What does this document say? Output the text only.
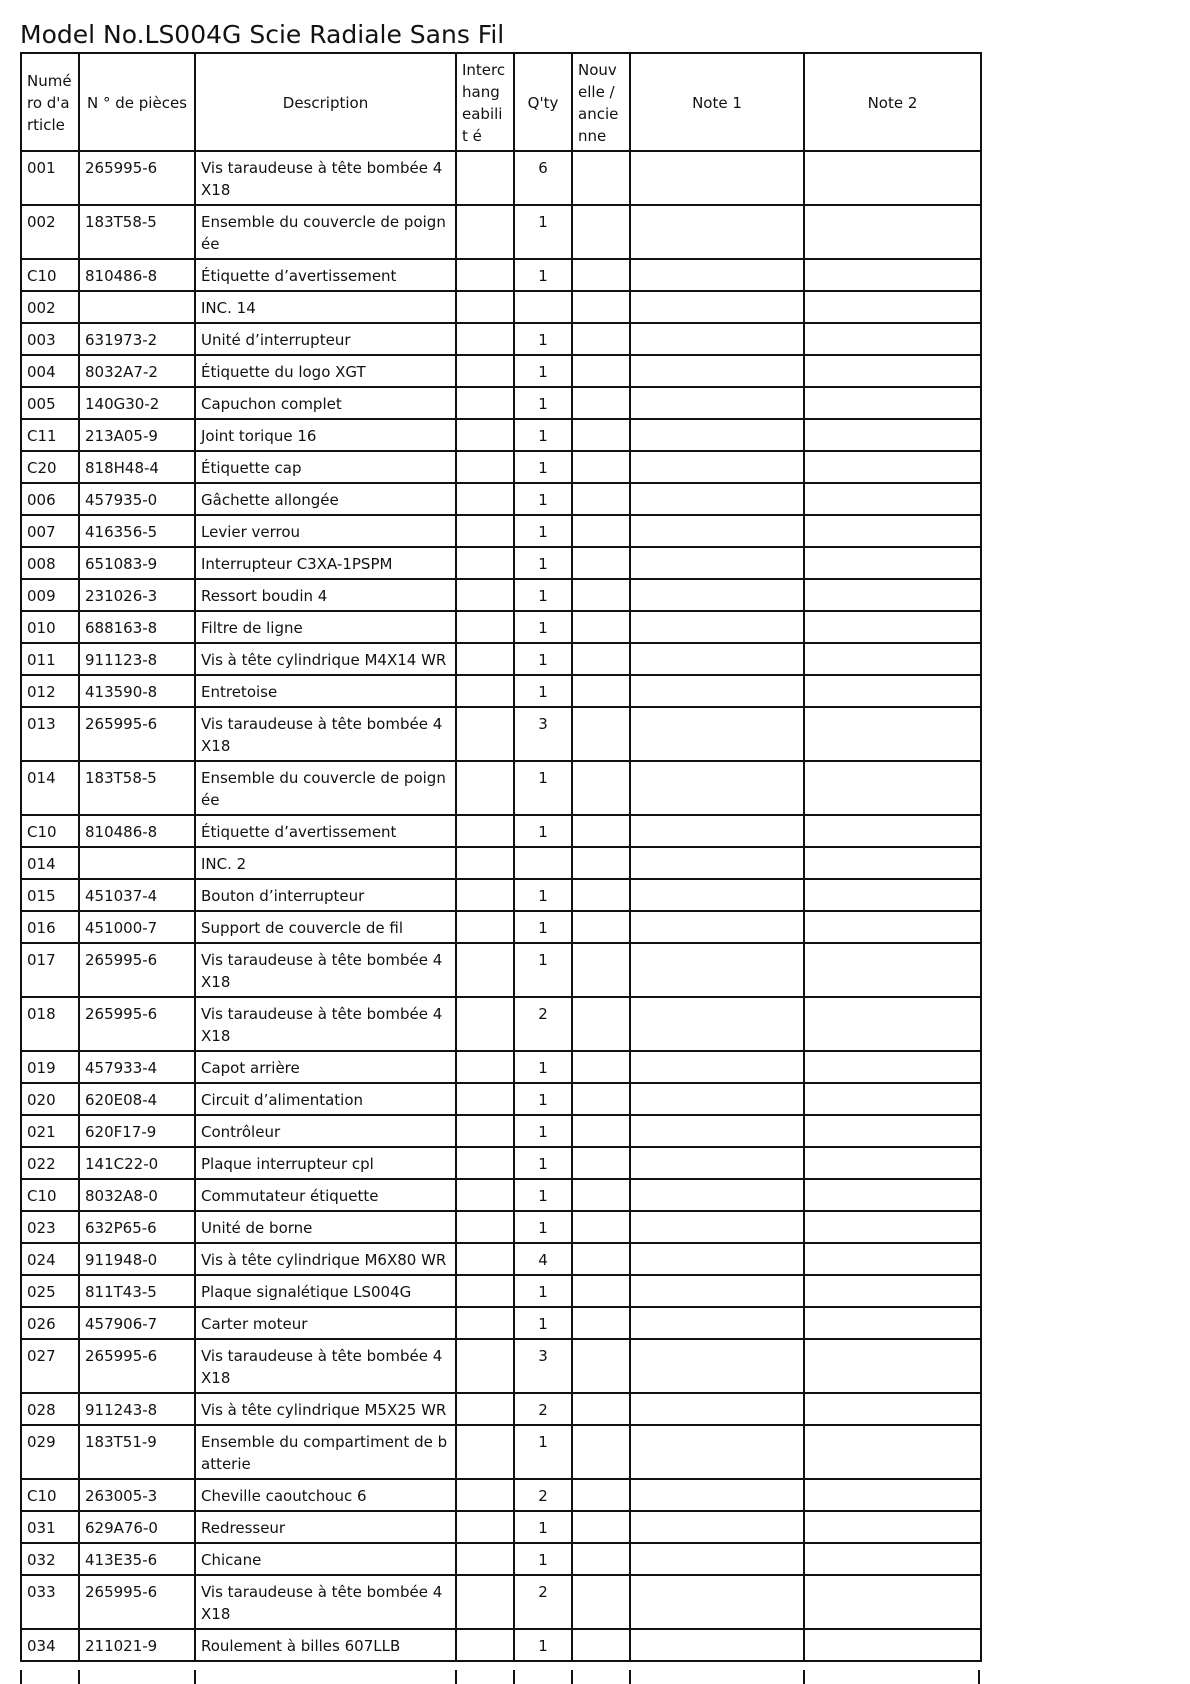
Model No.LS004G Scie Radiale Sans Fil
Numé ro d'a rticle	N ° de pièces	Description	Interc hang eabilit é	Q'ty	Nouv elle / ancie nne	Note 1	Note 2
001	265995-6	Vis taraudeuse à tête bombée 4X18		6			
002	183T58-5	Ensemble du couvercle de poignée		1			
C10	810486-8	Étiquette d’avertissement		1			
002		INC. 14					
003	631973-2	Unité d’interrupteur		1			
004	8032A7-2	Étiquette du logo XGT		1			
005	140G30-2	Capuchon complet		1			
C11	213A05-9	Joint torique 16		1			
C20	818H48-4	Étiquette cap		1			
006	457935-0	Gâchette allongée		1			
007	416356-5	Levier verrou		1			
008	651083-9	Interrupteur C3XA-1PSPM		1			
009	231026-3	Ressort boudin 4		1			
010	688163-8	Filtre de ligne		1			
011	911123-8	Vis à tête cylindrique M4X14 WR		1			
012	413590-8	Entretoise		1			
013	265995-6	Vis taraudeuse à tête bombée 4X18		3			
014	183T58-5	Ensemble du couvercle de poignée		1			
C10	810486-8	Étiquette d’avertissement		1			
014		INC. 2					
015	451037-4	Bouton d’interrupteur		1			
016	451000-7	Support de couvercle de fil		1			
017	265995-6	Vis taraudeuse à tête bombée 4X18		1			
018	265995-6	Vis taraudeuse à tête bombée 4X18		2			
019	457933-4	Capot arrière		1			
020	620E08-4	Circuit d’alimentation		1			
021	620F17-9	Contrôleur		1			
022	141C22-0	Plaque interrupteur cpl		1			
C10	8032A8-0	Commutateur étiquette		1			
023	632P65-6	Unité de borne		1			
024	911948-0	Vis à tête cylindrique M6X80 WR		4			
025	811T43-5	Plaque signalétique LS004G		1			
026	457906-7	Carter moteur		1			
027	265995-6	Vis taraudeuse à tête bombée 4X18		3			
028	911243-8	Vis à tête cylindrique M5X25 WR		2			
029	183T51-9	Ensemble du compartiment de batterie		1			
C10	263005-3	Cheville caoutchouc 6		2			
031	629A76-0	Redresseur		1			
032	413E35-6	Chicane		1			
033	265995-6	Vis taraudeuse à tête bombée 4X18		2			
034	211021-9	Roulement à billes 607LLB		1			
